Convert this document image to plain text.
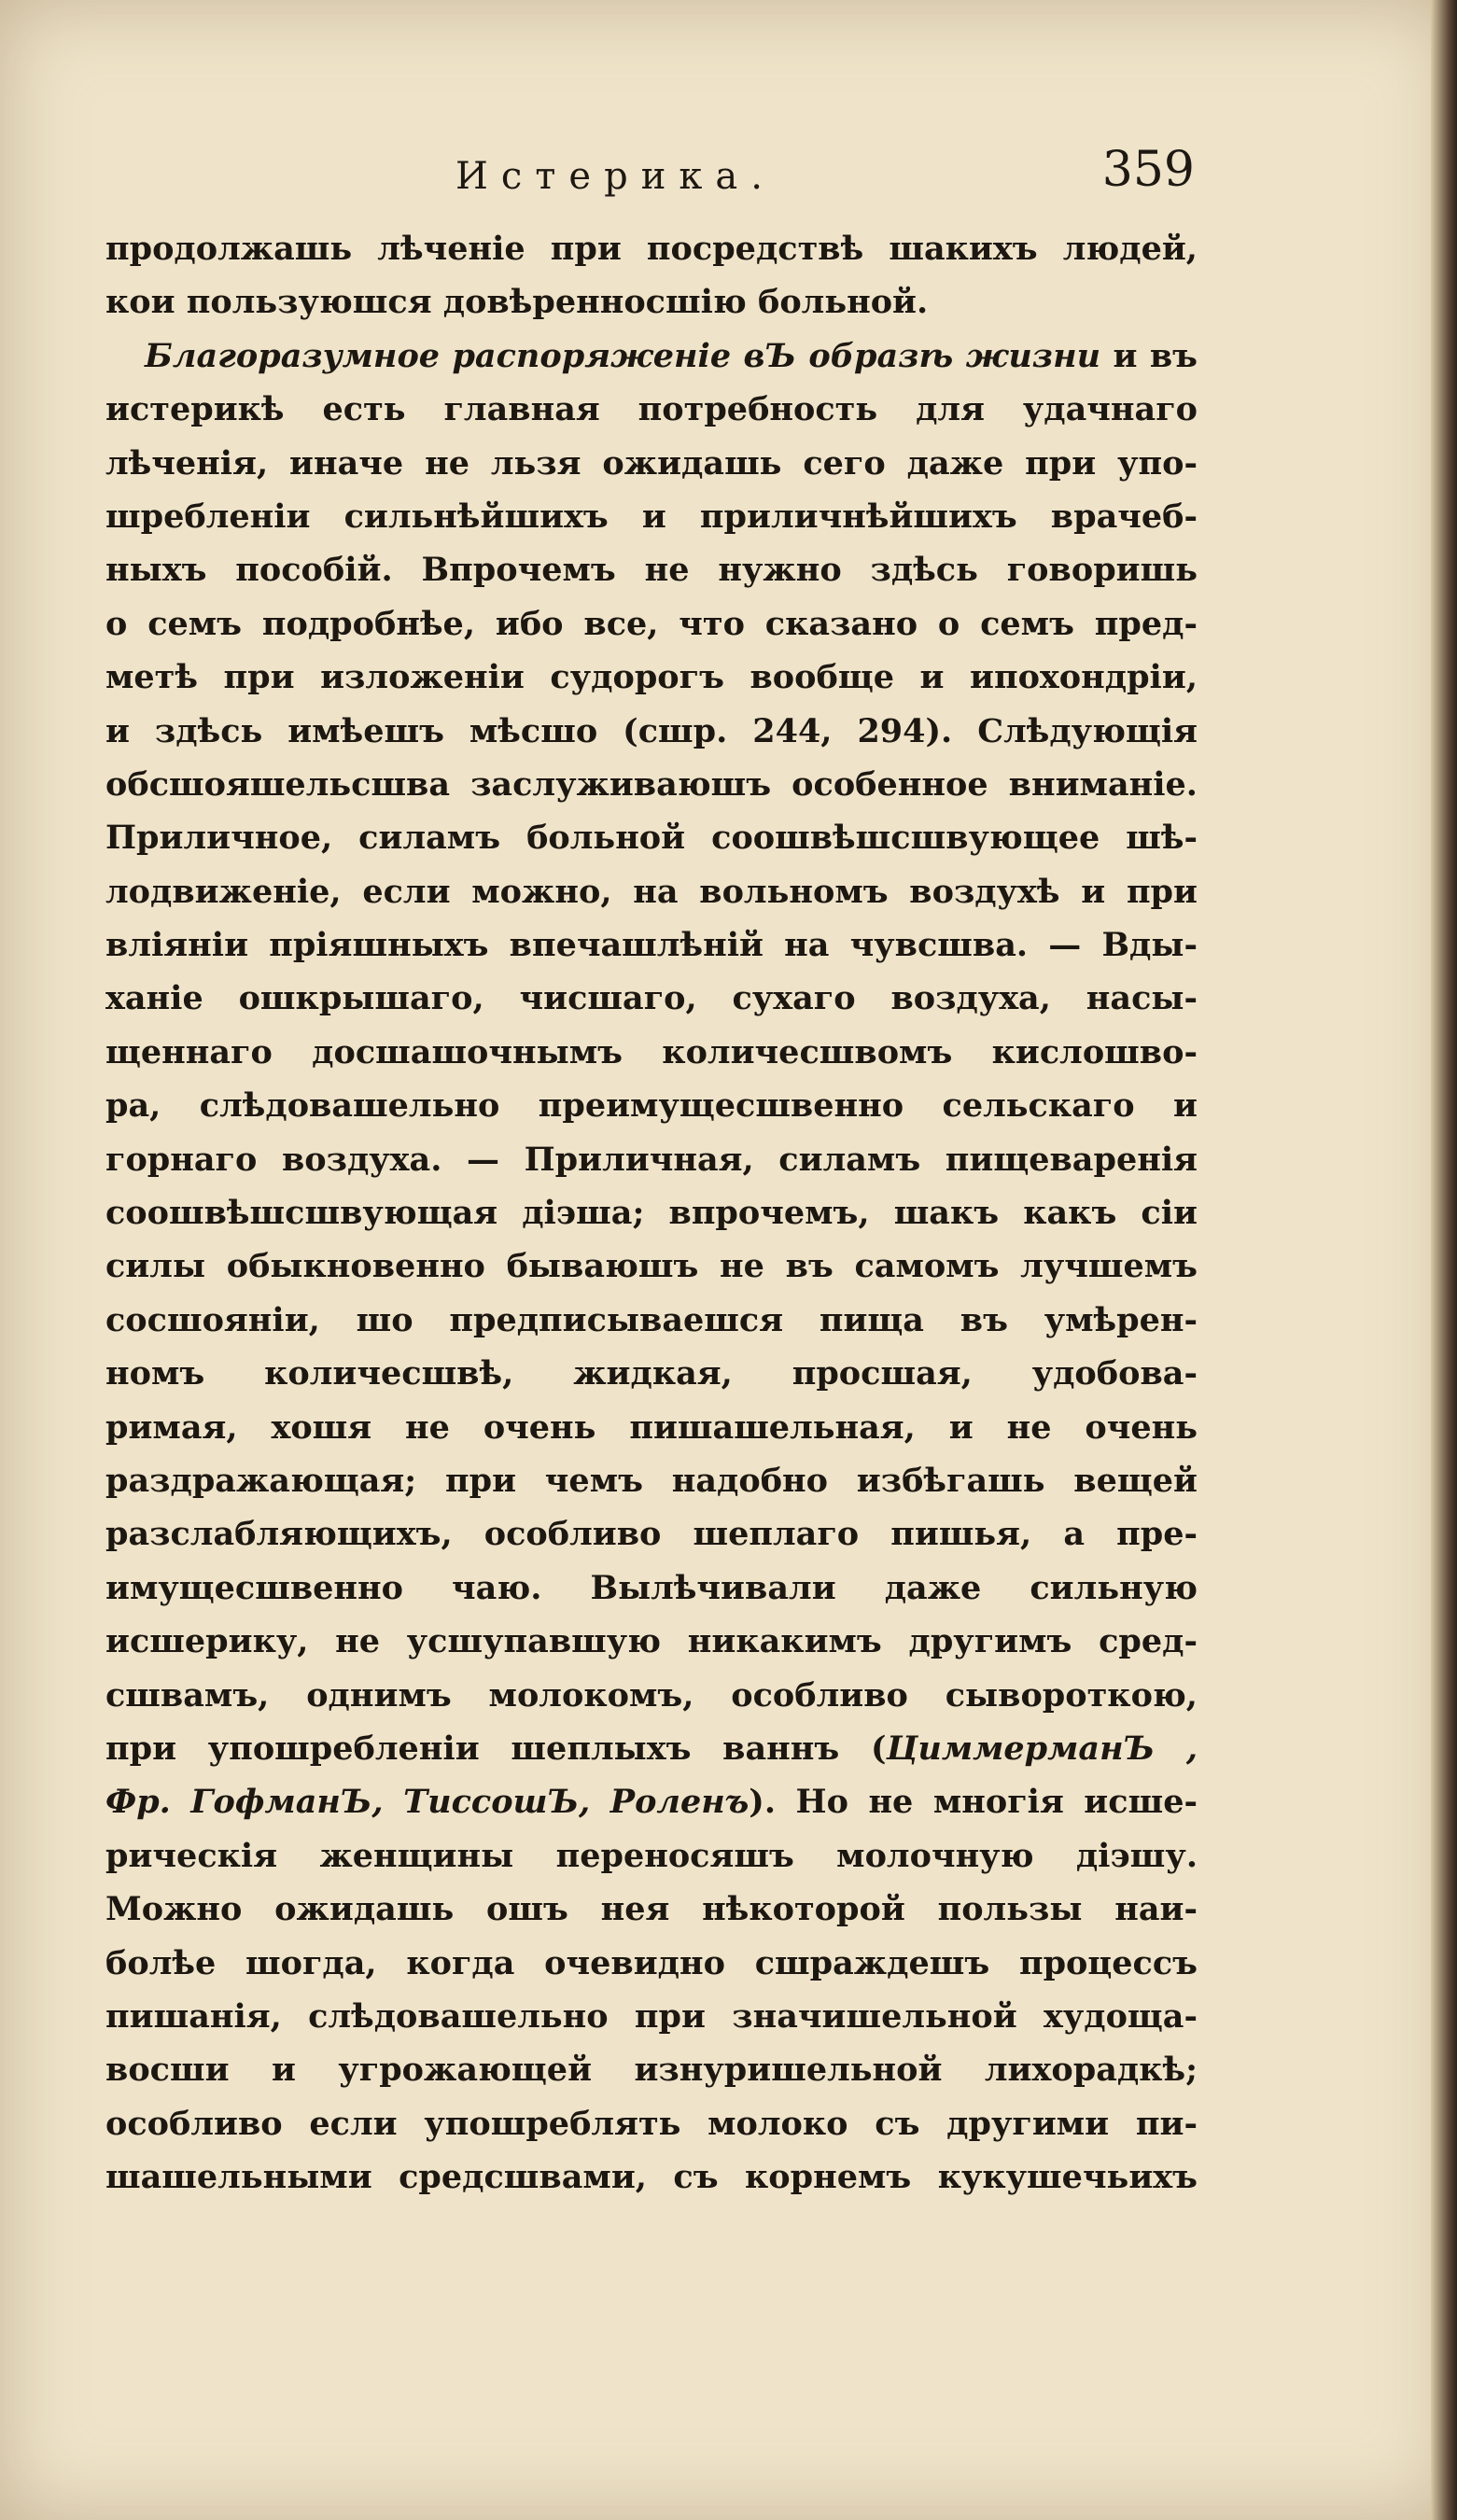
Истерика.	359
продолжашь лѣченіе при посредствѣ шакихъ людей,
кои пользуюшся довѣренносшію больной.
Благоразумное распоряженіе вЪ образѣ жизни и въ
истерикѣ есть главная потребность для удачнаго
лѣченія, иначе не льзя ожидашь сего даже при упо-
шребленіи сильнѣйшихъ и приличнѣйшихъ врачеб-
ныхъ пособій. Впрочемъ не нужно здѣсь говоришь
о семъ подробнѣе, ибо все, что сказано о семъ пред-
метѣ при изложеніи судорогъ вообще и ипохондріи,
и здѣсь имѣешъ мѣсшо (сшр. 244, 294). Слѣдующія
обсшояшельсшва заслуживаюшъ особенное вниманіе.
Приличное, силамъ больной соошвѣшсшвующее шѣ-
лодвиженіе, если можно, на вольномъ воздухѣ и при
вліяніи пріяшныхъ впечашлѣній на чувсшва. — Вды-
ханіе ошкрышаго, чисшаго, сухаго воздуха, насы-
щеннаго досшашочнымъ количесшвомъ кислошво-
ра, слѣдовашельно преимущесшвенно сельскаго и
горнаго воздуха. — Приличная, силамъ пищеваренія
соошвѣшсшвующая діэша; впрочемъ, шакъ какъ сіи
силы обыкновенно бываюшъ не въ самомъ лучшемъ
сосшояніи, шо предписываешся пища въ умѣрен-
номъ количесшвѣ, жидкая, просшая, удобова-
римая, хошя не очень пишашельная, и не очень
раздражающая; при чемъ надобно избѣгашь вещей
разслабляющихъ, особливо шеплаго пишья, а пре-
имущесшвенно чаю. Вылѣчивали даже сильную
исшерику, не усшупавшую никакимъ другимъ сред-
сшвамъ, однимъ молокомъ, особливо сывороткою,
при упошребленіи шеплыхъ ваннъ (ЦиммерманЪ ,
Фр. ГофманЪ, ТиссошЪ, Роленъ). Но не многія исше-
рическія женщины переносяшъ молочную діэшу.
Можно ожидашь ошъ нея нѣкоторой пользы наи-
болѣе шогда, когда очевидно сшраждешъ процессъ
пишанія, слѣдовашельно при значишельной худоща-
восши и угрожающей изнуришельной лихорадкѣ;
особливо если упошреблять молоко съ другими пи-
шашельными средсшвами, съ корнемъ кукушечьихъ
